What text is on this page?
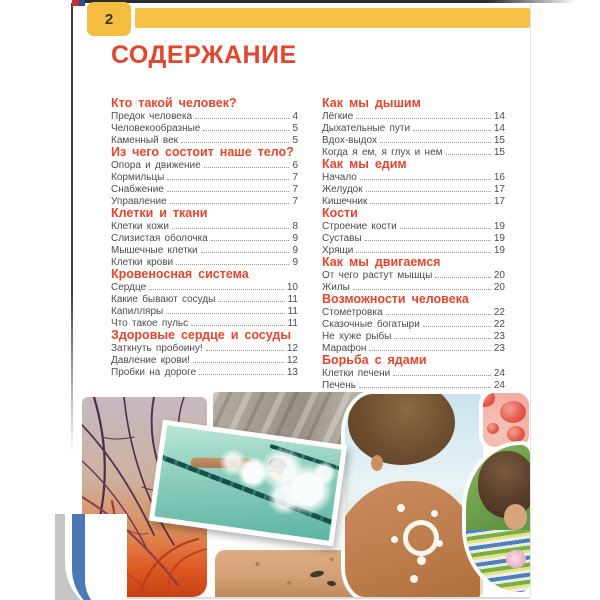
2
СОДЕРЖАНИЕ
Кто такой человек?
Предок человека	4
Человекообразные	5
Каменный век	5
Из чего состоит наше тело?
Опора и движение	6
Кормильцы	7
Снабжение	7
Управление	7
Клетки и ткани
Клетки кожи	8
Слизистая оболочка	9
Мышечные клетки	9
Клетки крови	9
Кровеносная система
Сердце	10
Какие бывают сосуды	11
Капилляры	11
Что такое пульс	11
Здоровые сердце и сосуды
Заткнуть пробоину!	12
Давление крови!	12
Пробки на дороге	13
Как мы дышим
Лёгкие	14
Дыхательные пути	14
Вдох-выдох	15
Когда я ем, я глух и нем	15
Как мы едим
Начало	16
Желудок	17
Кишечник	17
Кости
Строение кости	19
Суставы	19
Хрящи	19
Как мы двигаемся
От чего растут мышцы	20
Жилы	20
Возможности человека
Стометровка	22
Сказочные богатыри	22
Не хуже рыбы	23
Марафон	23
Борьба с ядами
Клетки печени	24
Печень	24
